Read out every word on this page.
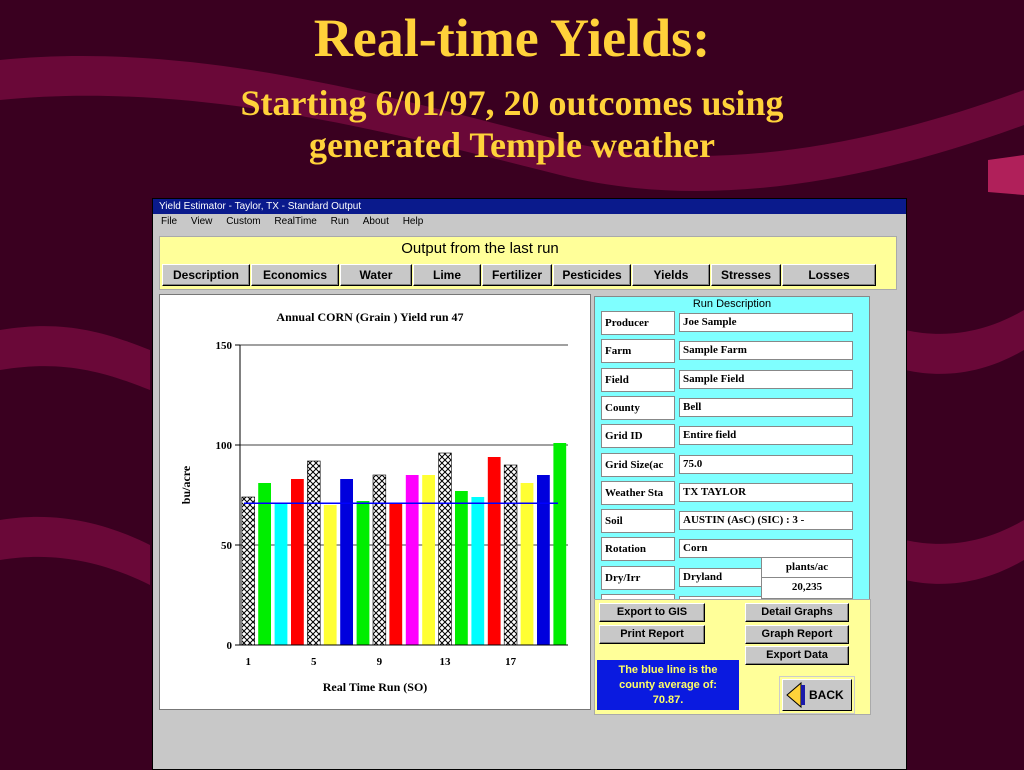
Real-time Yields:
Starting 6/01/97, 20 outcomes using
generated Temple weather
Yield Estimator - Taylor, TX - Standard Output
File View Custom RealTime Run About Help
Output from the last run
Description	Economics	Water	Lime	Fertilizer	Pesticides	Yields	Stresses	Losses
Annual CORN (Grain ) Yield run 47
bu/acre
Real Time Run (SO)
0
50
100
150
1	5	9	13	17
Run Description
Producer	Joe Sample
Farm	Sample Farm
Field	Sample Field
County	Bell
Grid ID	Entire field
Grid Size(ac	75.0
Weather Sta	TX TAYLOR
Soil	AUSTIN (AsC) (SIC) : 3 -
Rotation	Corn
Dry/Irr	Dryland
plants/ac
20,235
Export to GIS
Print Report
Detail Graphs
Graph Report
Export Data
The blue line is the
county average of:
70.87.	BACK
